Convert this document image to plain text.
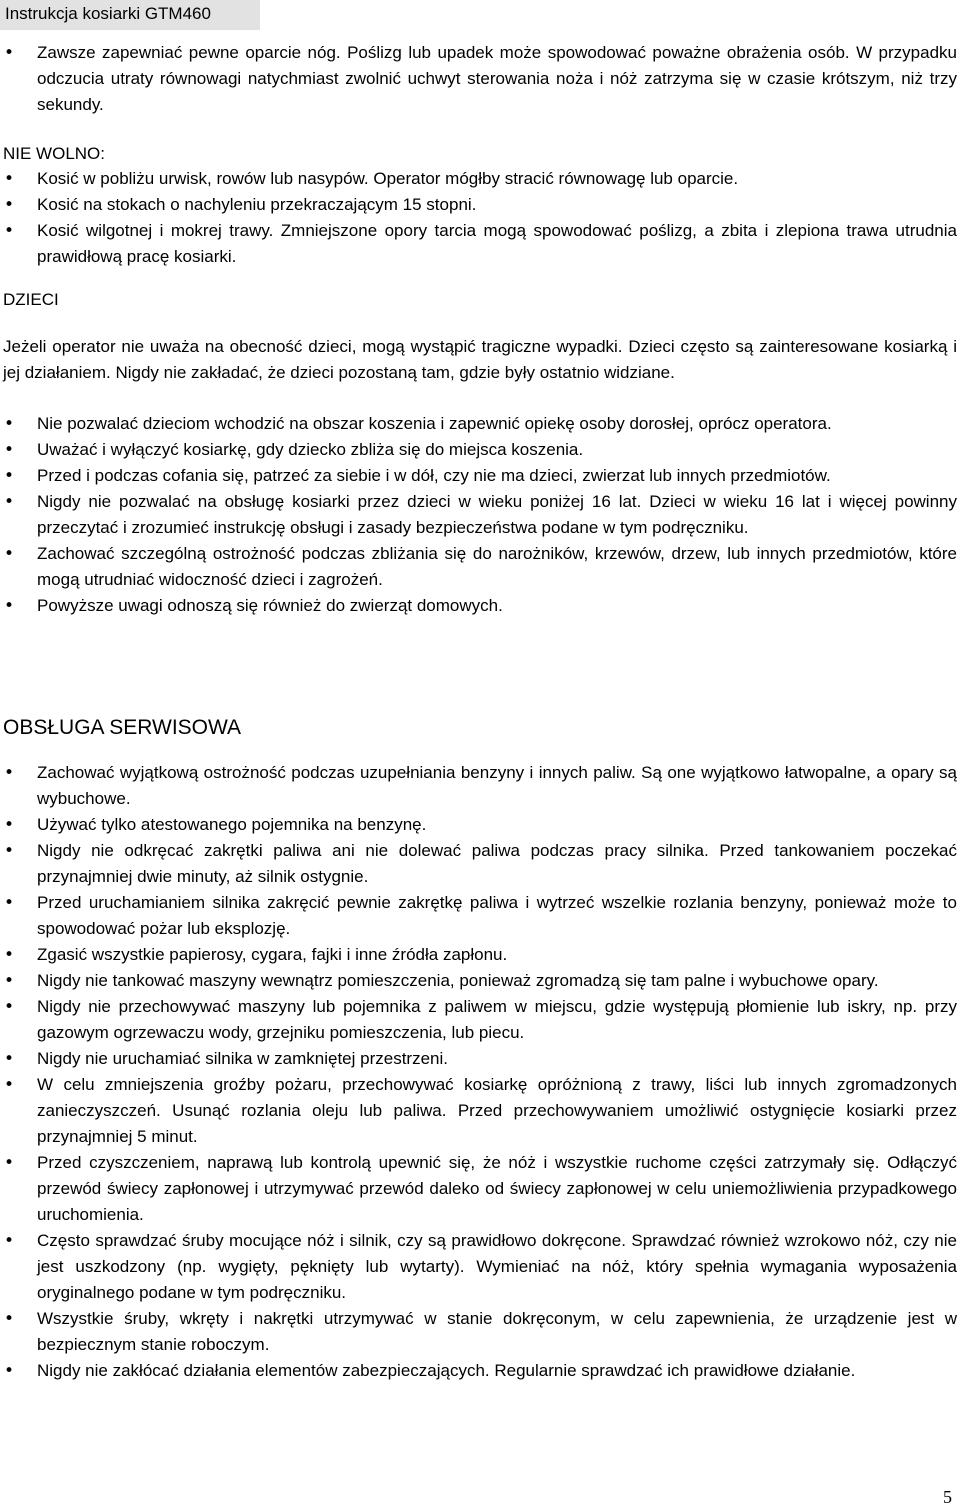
Instrukcja kosiarki GTM460
• Zawsze zapewniać pewne oparcie nóg. Poślizg lub upadek może spowodować poważne obrażenia osób. W przypadku odczucia utraty równowagi natychmiast zwolnić uchwyt sterowania noża i nóż zatrzyma się w czasie krótszym, niż trzy sekundy.
NIE WOLNO:
• Kosić w pobliżu urwisk, rowów lub nasypów. Operator mógłby stracić równowagę lub oparcie.
• Kosić na stokach o nachyleniu przekraczającym 15 stopni.
• Kosić wilgotnej i mokrej trawy. Zmniejszone opory tarcia mogą spowodować poślizg, a zbita i zlepiona trawa utrudnia prawidłową pracę kosiarki.
DZIECI

Jeżeli operator nie uważa na obecność dzieci, mogą wystąpić tragiczne wypadki. Dzieci często są zainteresowane kosiarką i jej działaniem. Nigdy nie zakładać, że dzieci pozostaną tam, gdzie były ostatnio widziane.

• Nie pozwalać dzieciom wchodzić na obszar koszenia i zapewnić opiekę osoby dorosłej, oprócz operatora.
• Uważać i wyłączyć kosiarkę, gdy dziecko zbliża się do miejsca koszenia.
• Przed i podczas cofania się, patrzeć za siebie i w dół, czy nie ma dzieci, zwierzat lub innych przedmiotów.
• Nigdy nie pozwalać na obsługę kosiarki przez dzieci w wieku poniżej 16 lat. Dzieci w wieku 16 lat i więcej powinny przeczytać i zrozumieć instrukcję obsługi i zasady bezpieczeństwa podane w tym podręczniku.
• Zachować szczególną ostrożność podczas zbliżania się do narożników, krzewów, drzew, lub innych przedmiotów, które mogą utrudniać widoczność dzieci i zagrożeń.
• Powyższe uwagi odnoszą się również do zwierząt domowych.
OBSŁUGA SERWISOWA
• Zachować wyjątkową ostrożność podczas uzupełniania benzyny i innych paliw. Są one wyjątkowo łatwopalne, a opary są wybuchowe.
• Używać tylko atestowanego pojemnika na benzynę.
• Nigdy nie odkręcać zakrętki paliwa ani nie dolewać paliwa podczas pracy silnika. Przed tankowaniem poczekać przynajmniej dwie minuty, aż silnik ostygnie.
• Przed uruchamianiem silnika zakręcić pewnie zakrętkę paliwa i wytrzeć wszelkie rozlania benzyny, ponieważ może to spowodować pożar lub eksplozję.
• Zgasić wszystkie papierosy, cygara, fajki i inne źródła zapłonu.
• Nigdy nie tankować maszyny wewnątrz pomieszczenia, ponieważ zgromadzą się tam palne i wybuchowe opary.
• Nigdy nie przechowywać maszyny lub pojemnika z paliwem w miejscu, gdzie występują płomienie lub iskry, np. przy gazowym ogrzewaczu wody, grzejniku pomieszczenia, lub piecu.
• Nigdy nie uruchamiać silnika w zamkniętej przestrzeni.
• W celu zmniejszenia groźby pożaru, przechowywać kosiarkę opróżnioną z trawy, liści lub innych zgromadzonych zanieczyszczeń. Usunąć rozlania oleju lub paliwa. Przed przechowywaniem umożliwić ostygnięcie kosiarki przez przynajmniej 5 minut.
• Przed czyszczeniem, naprawą lub kontrolą upewnić się, że nóż i wszystkie ruchome części zatrzymały się. Odłączyć przewód świecy zapłonowej i utrzymywać przewód daleko od świecy zapłonowej w celu uniemożliwienia przypadkowego uruchomienia.
• Często sprawdzać śruby mocujące nóż i silnik, czy są prawidłowo dokręcone. Sprawdzać również wzrokowo nóż, czy nie jest uszkodzony (np. wygięty, pęknięty lub wytarty). Wymieniać na nóż, który spełnia wymagania wyposażenia oryginalnego podane w tym podręczniku.
• Wszystkie śruby, wkręty i nakrętki utrzymywać w stanie dokręconym, w celu zapewnienia, że urządzenie jest w bezpiecznym stanie roboczym.
• Nigdy nie zakłócać działania elementów zabezpieczających. Regularnie sprawdzać ich prawidłowe działanie.
5
